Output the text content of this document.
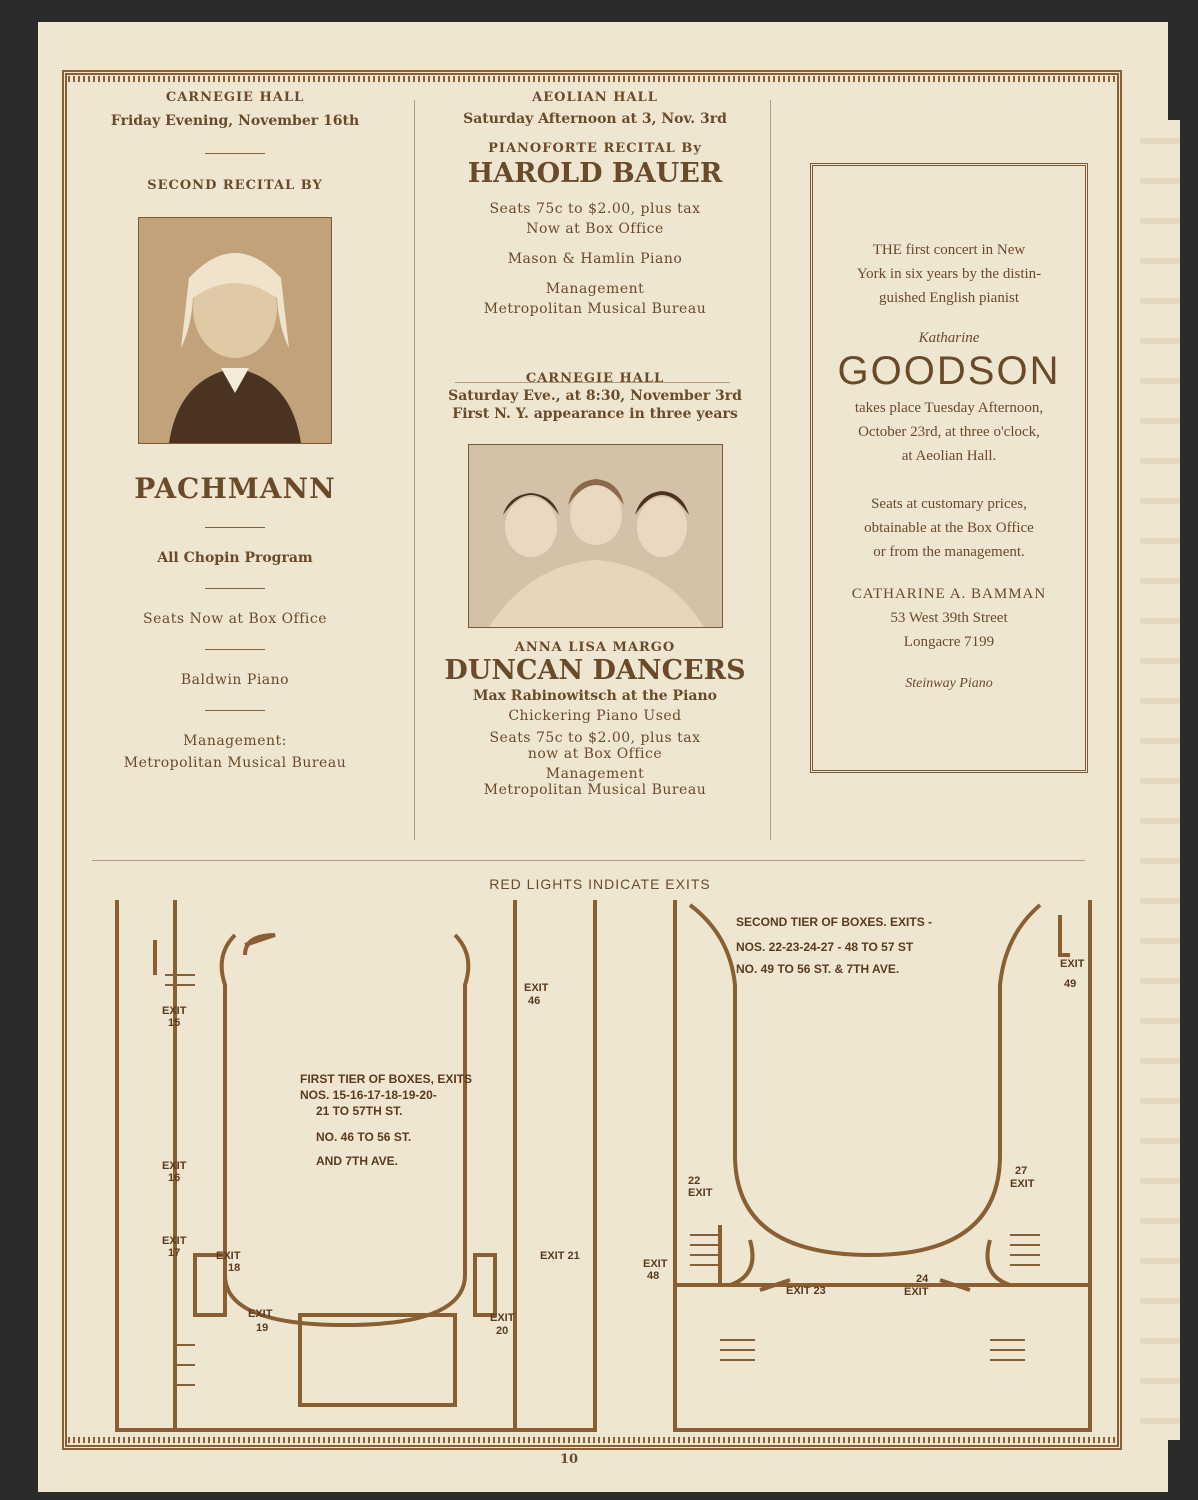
CARNEGIE HALL
Friday Evening, November 16th
SECOND RECITAL BY
PACHMANN
All Chopin Program
Seats Now at Box Office
Baldwin Piano
Management:
Metropolitan Musical Bureau
AEOLIAN HALL
Saturday Afternoon at 3, Nov. 3rd
PIANOFORTE RECITAL By
HAROLD BAUER
Seats 75c to $2.00, plus tax
Now at Box Office
Mason & Hamlin Piano
Management
Metropolitan Musical Bureau
CARNEGIE HALL
Saturday Eve., at 8:30, November 3rd
First N. Y. appearance in three years
ANNA LISA MARGO
DUNCAN DANCERS
Max Rabinowitsch at the Piano
Chickering Piano Used
Seats 75c to $2.00, plus tax
now at Box Office
Management
Metropolitan Musical Bureau
THE first concert in New
York in six years by the distin-
guished English pianist
Katharine
GOODSON
takes place Tuesday Afternoon,
October 23rd, at three o'clock,
at Aeolian Hall.
Seats at customary prices,
obtainable at the Box Office
or from the management.
CATHARINE A. BAMMAN
53 West 39th Street
Longacre 7199
Steinway Piano
RED LIGHTS INDICATE EXITS
FIRST TIER OF BOXES, EXITS
NOS. 15-16-17-18-19-20-
21 TO 57TH ST.
NO. 46 TO 56 ST.
AND 7TH AVE.
EXIT
15
EXIT
16
EXIT
17	EXIT
18
EXIT
19
EXIT 21
EXIT
20
EXIT
46
SECOND TIER OF BOXES. EXITS -
NOS. 22-23-24-27 - 48 TO 57 ST
NO. 49 TO 56 ST. & 7TH AVE.	EXIT
49
22
EXIT
27
EXIT
EXIT
48
EXIT 23
24
EXIT
10
